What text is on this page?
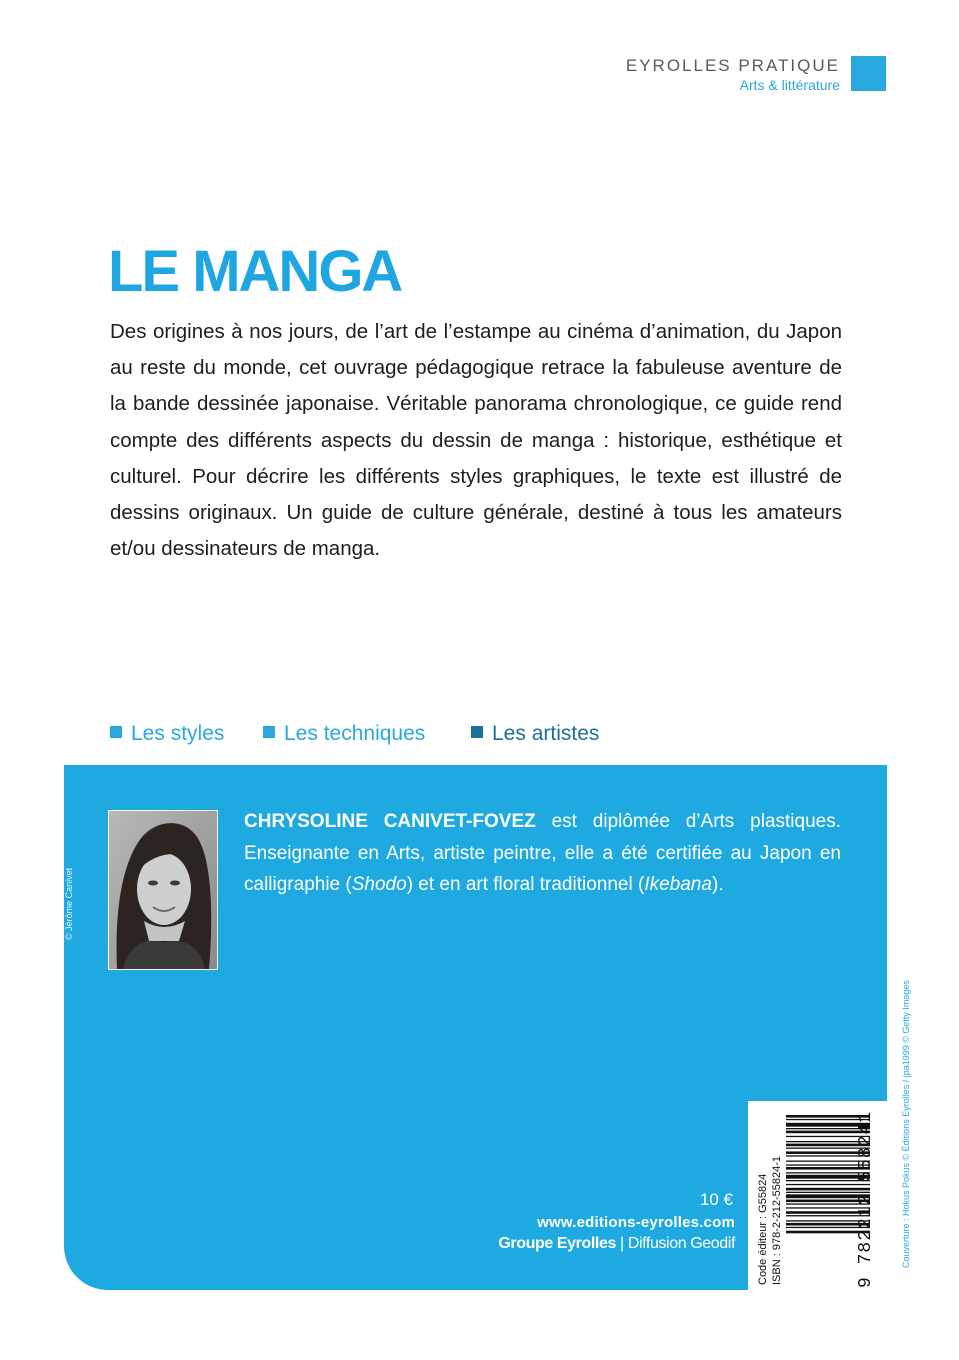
EYROLLES PRATIQUE
Arts & littérature
LE MANGA

Des origines à nos jours, de l’art de l’estampe au cinéma d’animation, du Japon au reste du monde, cet ouvrage pédagogique retrace la fabuleuse aventure de la bande dessinée japonaise. Véritable panorama chronologique, ce guide rend compte des différents aspects du dessin de manga : historique, esthétique et culturel. Pour décrire les différents styles graphiques, le texte est illustré de dessins originaux. Un guide de culture générale, destiné à tous les amateurs et/ou dessinateurs de manga.

Les styles	Les techniques	Les artistes
© Jérôme Canivet

CHRYSOLINE CANIVET-FOVEZ est diplômée d’Arts plastiques. Enseignante en Arts, artiste peintre, elle a été certifiée au Japon en calligraphie (Shodo) et en art floral traditionnel (Ikebana).

10 €
www.editions-eyrolles.com
Groupe Eyrolles | Diffusion Geodif Code éditeur : G55824 ISBN : 978-2-212-55824-1	9 782212 558241	Couverture : Hokus Pokus © Éditions Eyrolles / jpa1999 © Getty Images
